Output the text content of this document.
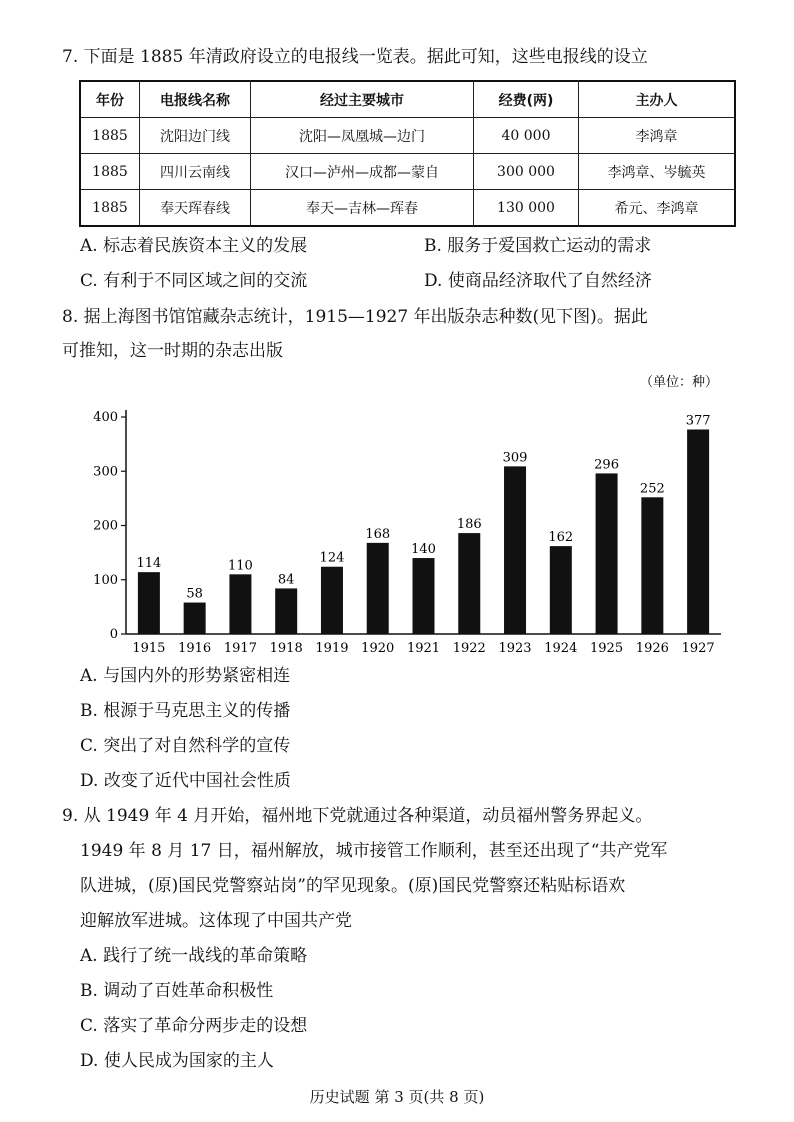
7. 下面是 1885 年清政府设立的电报线一览表。据此可知，这些电报线的设立
年份	电报线名称	经过主要城市	经费(两)	主办人
1885	沈阳边门线	沈阳—凤凰城—边门	40 000	李鸿章
1885	四川云南线	汉口—泸州—成都—蒙自	300 000	李鸿章、岑毓英
1885	奉天珲春线	奉天—吉林—珲春	130 000	希元、李鸿章
A. 标志着民族资本主义的发展	B. 服务于爱国救亡运动的需求
C. 有利于不同区域之间的交流	D. 使商品经济取代了自然经济
8. 据上海图书馆馆藏杂志统计，1915—1927 年出版杂志种数(见下图)。据此
可推知，这一时期的杂志出版
（单位：种）
0
100
200
300
400
114
58
110
84
124
168
140
186
309
162
296
252
377
1915 1916 1917 1918 1919 1920 1921 1922 1923 1924 1925 1926 1927
A. 与国内外的形势紧密相连
B. 根源于马克思主义的传播
C. 突出了对自然科学的宣传
D. 改变了近代中国社会性质
9. 从 1949 年 4 月开始，福州地下党就通过各种渠道，动员福州警务界起义。
1949 年 8 月 17 日，福州解放，城市接管工作顺利，甚至还出现了“共产党军
队进城，(原)国民党警察站岗”的罕见现象。(原)国民党警察还粘贴标语欢
迎解放军进城。这体现了中国共产党
A. 践行了统一战线的革命策略
B. 调动了百姓革命积极性
C. 落实了革命分两步走的设想
D. 使人民成为国家的主人
历史试题 第 3 页(共 8 页)
